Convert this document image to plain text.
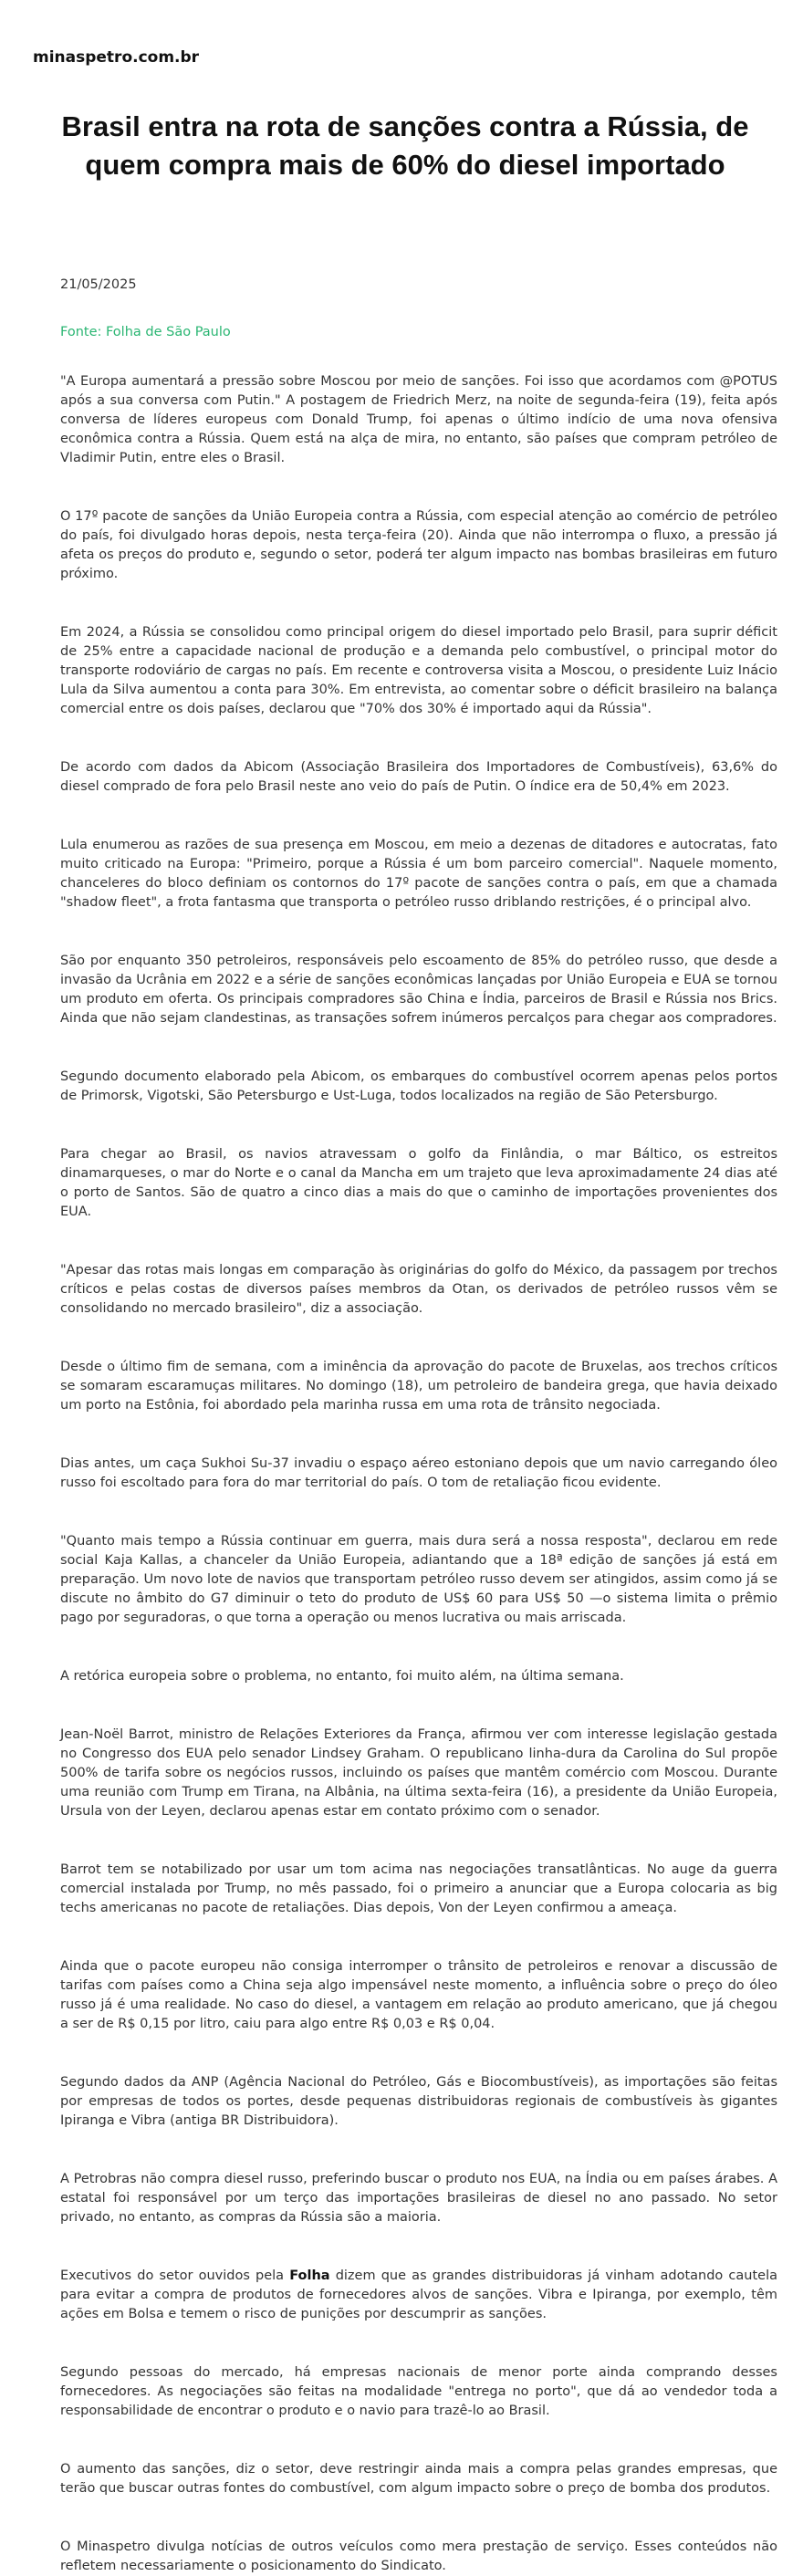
minaspetro.com.br
Brasil entra na rota de sanções contra a Rússia, de quem compra mais de 60% do diesel importado
21/05/2025
Fonte: Folha de São Paulo

"A Europa aumentará a pressão sobre Moscou por meio de sanções. Foi isso que acordamos com @POTUS após a sua conversa com Putin." A postagem de Friedrich Merz, na noite de segunda-feira (19), feita após conversa de líderes europeus com Donald Trump, foi apenas o último indício de uma nova ofensiva econômica contra a Rússia. Quem está na alça de mira, no entanto, são países que compram petróleo de Vladimir Putin, entre eles o Brasil.

O 17º pacote de sanções da União Europeia contra a Rússia, com especial atenção ao comércio de petróleo do país, foi divulgado horas depois, nesta terça-feira (20). Ainda que não interrompa o fluxo, a pressão já afeta os preços do produto e, segundo o setor, poderá ter algum impacto nas bombas brasileiras em futuro próximo.

Em 2024, a Rússia se consolidou como principal origem do diesel importado pelo Brasil, para suprir déficit de 25% entre a capacidade nacional de produção e a demanda pelo combustível, o principal motor do transporte rodoviário de cargas no país. Em recente e controversa visita a Moscou, o presidente Luiz Inácio Lula da Silva aumentou a conta para 30%. Em entrevista, ao comentar sobre o déficit brasileiro na balança comercial entre os dois países, declarou que "70% dos 30% é importado aqui da Rússia".

De acordo com dados da Abicom (Associação Brasileira dos Importadores de Combustíveis), 63,6% do diesel comprado de fora pelo Brasil neste ano veio do país de Putin. O índice era de 50,4% em 2023.

Lula enumerou as razões de sua presença em Moscou, em meio a dezenas de ditadores e autocratas, fato muito criticado na Europa: "Primeiro, porque a Rússia é um bom parceiro comercial". Naquele momento, chanceleres do bloco definiam os contornos do 17º pacote de sanções contra o país, em que a chamada "shadow fleet", a frota fantasma que transporta o petróleo russo driblando restrições, é o principal alvo.

São por enquanto 350 petroleiros, responsáveis pelo escoamento de 85% do petróleo russo, que desde a invasão da Ucrânia em 2022 e a série de sanções econômicas lançadas por União Europeia e EUA se tornou um produto em oferta. Os principais compradores são China e Índia, parceiros de Brasil e Rússia nos Brics. Ainda que não sejam clandestinas, as transações sofrem inúmeros percalços para chegar aos compradores.

Segundo documento elaborado pela Abicom, os embarques do combustível ocorrem apenas pelos portos de Primorsk, Vigotski, São Petersburgo e Ust-Luga, todos localizados na região de São Petersburgo.

Para chegar ao Brasil, os navios atravessam o golfo da Finlândia, o mar Báltico, os estreitos dinamarqueses, o mar do Norte e o canal da Mancha em um trajeto que leva aproximadamente 24 dias até o porto de Santos. São de quatro a cinco dias a mais do que o caminho de importações provenientes dos EUA.

"Apesar das rotas mais longas em comparação às originárias do golfo do México, da passagem por trechos críticos e pelas costas de diversos países membros da Otan, os derivados de petróleo russos vêm se consolidando no mercado brasileiro", diz a associação.

Desde o último fim de semana, com a iminência da aprovação do pacote de Bruxelas, aos trechos críticos se somaram escaramuças militares. No domingo (18), um petroleiro de bandeira grega, que havia deixado um porto na Estônia, foi abordado pela marinha russa em uma rota de trânsito negociada.

Dias antes, um caça Sukhoi Su-37 invadiu o espaço aéreo estoniano depois que um navio carregando óleo russo foi escoltado para fora do mar territorial do país. O tom de retaliação ficou evidente.

"Quanto mais tempo a Rússia continuar em guerra, mais dura será a nossa resposta", declarou em rede social Kaja Kallas, a chanceler da União Europeia, adiantando que a 18ª edição de sanções já está em preparação. Um novo lote de navios que transportam petróleo russo devem ser atingidos, assim como já se discute no âmbito do G7 diminuir o teto do produto de US$ 60 para US$ 50 —o sistema limita o prêmio pago por seguradoras, o que torna a operação ou menos lucrativa ou mais arriscada.

A retórica europeia sobre o problema, no entanto, foi muito além, na última semana.

Jean-Noël Barrot, ministro de Relações Exteriores da França, afirmou ver com interesse legislação gestada no Congresso dos EUA pelo senador Lindsey Graham. O republicano linha-dura da Carolina do Sul propõe 500% de tarifa sobre os negócios russos, incluindo os países que mantêm comércio com Moscou. Durante uma reunião com Trump em Tirana, na Albânia, na última sexta-feira (16), a presidente da União Europeia, Ursula von der Leyen, declarou apenas estar em contato próximo com o senador.

Barrot tem se notabilizado por usar um tom acima nas negociações transatlânticas. No auge da guerra comercial instalada por Trump, no mês passado, foi o primeiro a anunciar que a Europa colocaria as big techs americanas no pacote de retaliações. Dias depois, Von der Leyen confirmou a ameaça.

Ainda que o pacote europeu não consiga interromper o trânsito de petroleiros e renovar a discussão de tarifas com países como a China seja algo impensável neste momento, a influência sobre o preço do óleo russo já é uma realidade. No caso do diesel, a vantagem em relação ao produto americano, que já chegou a ser de R$ 0,15 por litro, caiu para algo entre R$ 0,03 e R$ 0,04.

Segundo dados da ANP (Agência Nacional do Petróleo, Gás e Biocombustíveis), as importações são feitas por empresas de todos os portes, desde pequenas distribuidoras regionais de combustíveis às gigantes Ipiranga e Vibra (antiga BR Distribuidora).

A Petrobras não compra diesel russo, preferindo buscar o produto nos EUA, na Índia ou em países árabes. A estatal foi responsável por um terço das importações brasileiras de diesel no ano passado. No setor privado, no entanto, as compras da Rússia são a maioria.

Executivos do setor ouvidos pela Folha dizem que as grandes distribuidoras já vinham adotando cautela para evitar a compra de produtos de fornecedores alvos de sanções. Vibra e Ipiranga, por exemplo, têm ações em Bolsa e temem o risco de punições por descumprir as sanções.

Segundo pessoas do mercado, há empresas nacionais de menor porte ainda comprando desses fornecedores. As negociações são feitas na modalidade "entrega no porto", que dá ao vendedor toda a responsabilidade de encontrar o produto e o navio para trazê-lo ao Brasil.

O aumento das sanções, diz o setor, deve restringir ainda mais a compra pelas grandes empresas, que terão que buscar outras fontes do combustível, com algum impacto sobre o preço de bomba dos produtos.

O Minaspetro divulga notícias de outros veículos como mera prestação de serviço. Esses conteúdos não refletem necessariamente o posicionamento do Sindicato.
